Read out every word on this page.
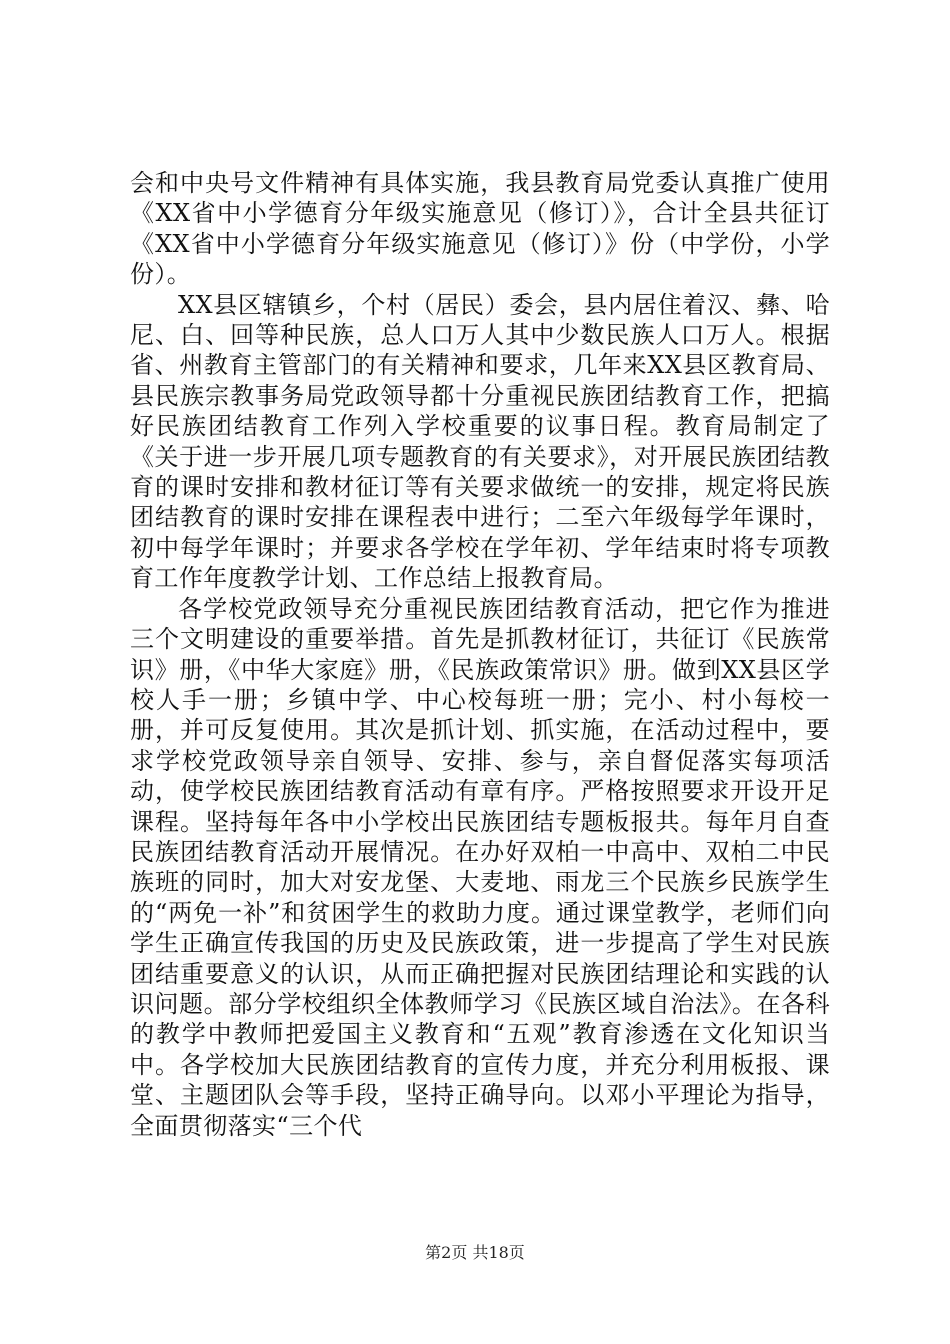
会和中央号文件精神有具体实施，我县教育局党委认真推广使用《XX省中小学德育分年级实施意见（修订）》，合计全县共征订《XX省中小学德育分年级实施意见（修订）》份（中学份，小学份）。

XX县区辖镇乡，个村（居民）委会，县内居住着汉、彝、哈尼、白、回等种民族，总人口万人其中少数民族人口万人。根据省、州教育主管部门的有关精神和要求，几年来XX县区教育局、县民族宗教事务局党政领导都十分重视民族团结教育工作，把搞好民族团结教育工作列入学校重要的议事日程。教育局制定了《关于进一步开展几项专题教育的有关要求》，对开展民族团结教育的课时安排和教材征订等有关要求做统一的安排，规定将民族团结教育的课时安排在课程表中进行；二至六年级每学年课时，初中每学年课时；并要求各学校在学年初、学年结束时将专项教育工作年度教学计划、工作总结上报教育局。

各学校党政领导充分重视民族团结教育活动，把它作为推进三个文明建设的重要举措。首先是抓教材征订，共征订《民族常识》册，《中华大家庭》册，《民族政策常识》册。做到XX县区学校人手一册；乡镇中学、中心校每班一册；完小、村小每校一册，并可反复使用。其次是抓计划、抓实施，在活动过程中，要求学校党政领导亲自领导、安排、参与，亲自督促落实每项活动，使学校民族团结教育活动有章有序。严格按照要求开设开足课程。坚持每年各中小学校出民族团结专题板报共。每年月自查民族团结教育活动开展情况。在办好双柏一中高中、双柏二中民族班的同时，加大对安龙堡、大麦地、雨龙三个民族乡民族学生的“两免一补”和贫困学生的救助力度。通过课堂教学，老师们向学生正确宣传我国的历史及民族政策，进一步提高了学生对民族团结重要意义的认识，从而正确把握对民族团结理论和实践的认识问题。部分学校组织全体教师学习《民族区域自治法》。在各科的教学中教师把爱国主义教育和“五观”教育渗透在文化知识当中。各学校加大民族团结教育的宣传力度，并充分利用板报、课堂、主题团队会等手段，坚持正确导向。以邓小平理论为指导，全面贯彻落实“三个代

第2页 共18页
